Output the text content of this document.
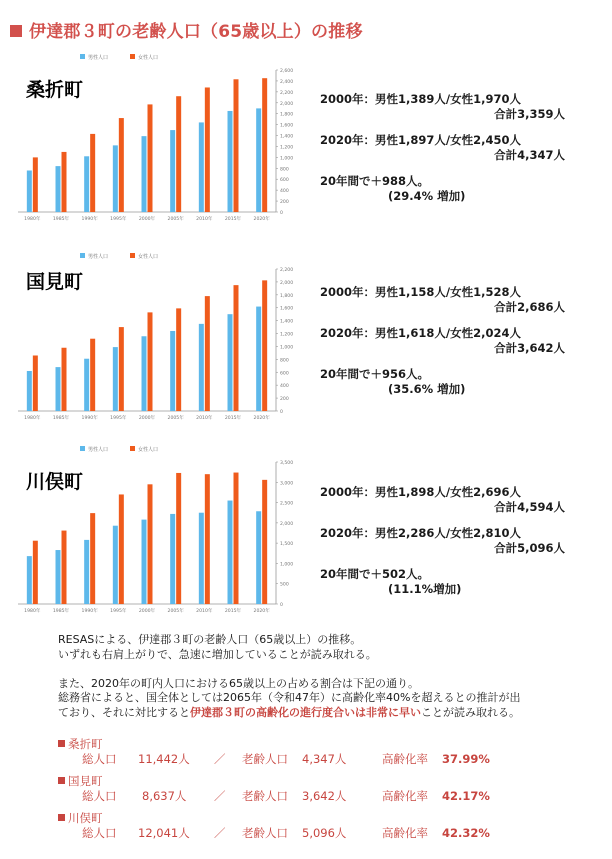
伊達郡３町の老齢人口（65歳以上）の推移
男性人口	女性人口
0
200
400
600
800
1,000
1,200
1,400
1,600
1,800
2,000
2,200
2,400
2,600
1980年	1985年	1990年	1995年	2000年	2005年	2010年	2015年	2020年
桑折町	2000年：男性1,389人/女性1,970人
合計3,359人
2020年：男性1,897人/女性2,450人
合計4,347人
20年間で＋988人。
(29.4% 増加)
男性人口	女性人口
0
200
400
600
800
1,000
1,200
1,400
1,600
1,800
2,000
2,200
1980年	1985年	1990年	1995年	2000年	2005年	2010年	2015年	2020年
国見町	2000年：男性1,158人/女性1,528人
合計2,686人
2020年：男性1,618人/女性2,024人
合計3,642人
20年間で＋956人。
(35.6% 増加)
男性人口	女性人口
0
500
1,000
1,500
2,000
2,500
3,000
3,500
1980年	1985年	1990年	1995年	2000年	2005年	2010年	2015年	2020年
川俣町	2000年：男性1,898人/女性2,696人
合計4,594人
2020年：男性2,286人/女性2,810人
合計5,096人
20年間で＋502人。
(11.1%増加)
RESASによる、伊達郡３町の老齢人口（65歳以上）の推移。
いずれも右肩上がりで、急速に増加していることが読み取れる。
また、2020年の町内人口における65歳以上の占める割合は下記の通り。
総務省によると、国全体としては2065年（令和47年）に高齢化率40%を超えるとの推計が出
ており、それに対比すると伊達郡３町の高齢化の進行度合いは非常に早いことが読み取れる。
桑折町
総人口 11,442人 ／ 老齢人口 4,347人	高齢化率 37.99%
国見町
総人口 8,637人 ／ 老齢人口 3,642人	高齢化率 42.17%
川俣町
総人口 12,041人 ／ 老齢人口 5,096人	高齢化率 42.32%
